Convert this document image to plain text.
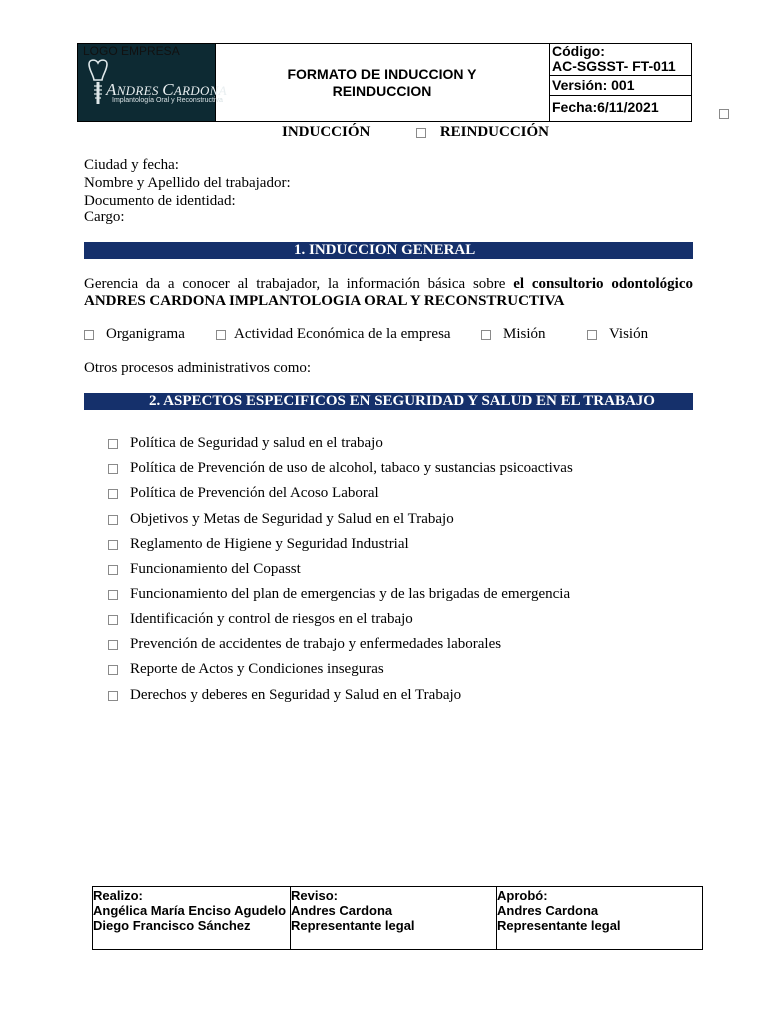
LOGO EMPRESA
ANDRES CARDONA
Implantología Oral y Reconstructiva
FORMATO DE INDUCCION Y REINDUCCION
Código:
AC-SGSST- FT-011
Versión: 001
Fecha:6/11/2021
INDUCCIÓN	REINDUCCIÓN
Ciudad y fecha:
Nombre y Apellido del trabajador:
Documento de identidad:
Cargo:
1. INDUCCION GENERAL
Gerencia da a conocer al trabajador, la información básica sobre el consultorio odontológico ANDRES CARDONA IMPLANTOLOGIA ORAL Y RECONSTRUCTIVA
Organigrama	Actividad Económica de la empresa	Misión	Visión
Otros procesos administrativos como:
2. ASPECTOS ESPECIFICOS EN SEGURIDAD Y SALUD EN EL TRABAJO
Política de Seguridad y salud en el trabajo
Política de Prevención de uso de alcohol, tabaco y sustancias psicoactivas
Política de Prevención del Acoso Laboral
Objetivos y Metas de Seguridad y Salud en el Trabajo
Reglamento de Higiene y Seguridad Industrial
Funcionamiento del Copasst
Funcionamiento del plan de emergencias y de las brigadas de emergencia
Identificación y control de riesgos en el trabajo
Prevención de accidentes de trabajo y enfermedades laborales
Reporte de Actos y Condiciones inseguras
Derechos y deberes en Seguridad y Salud en el Trabajo
Realizo:
Angélica María Enciso Agudelo
Diego Francisco Sánchez
Reviso:
Andres Cardona
Representante legal
Aprobó:
Andres Cardona
Representante legal
